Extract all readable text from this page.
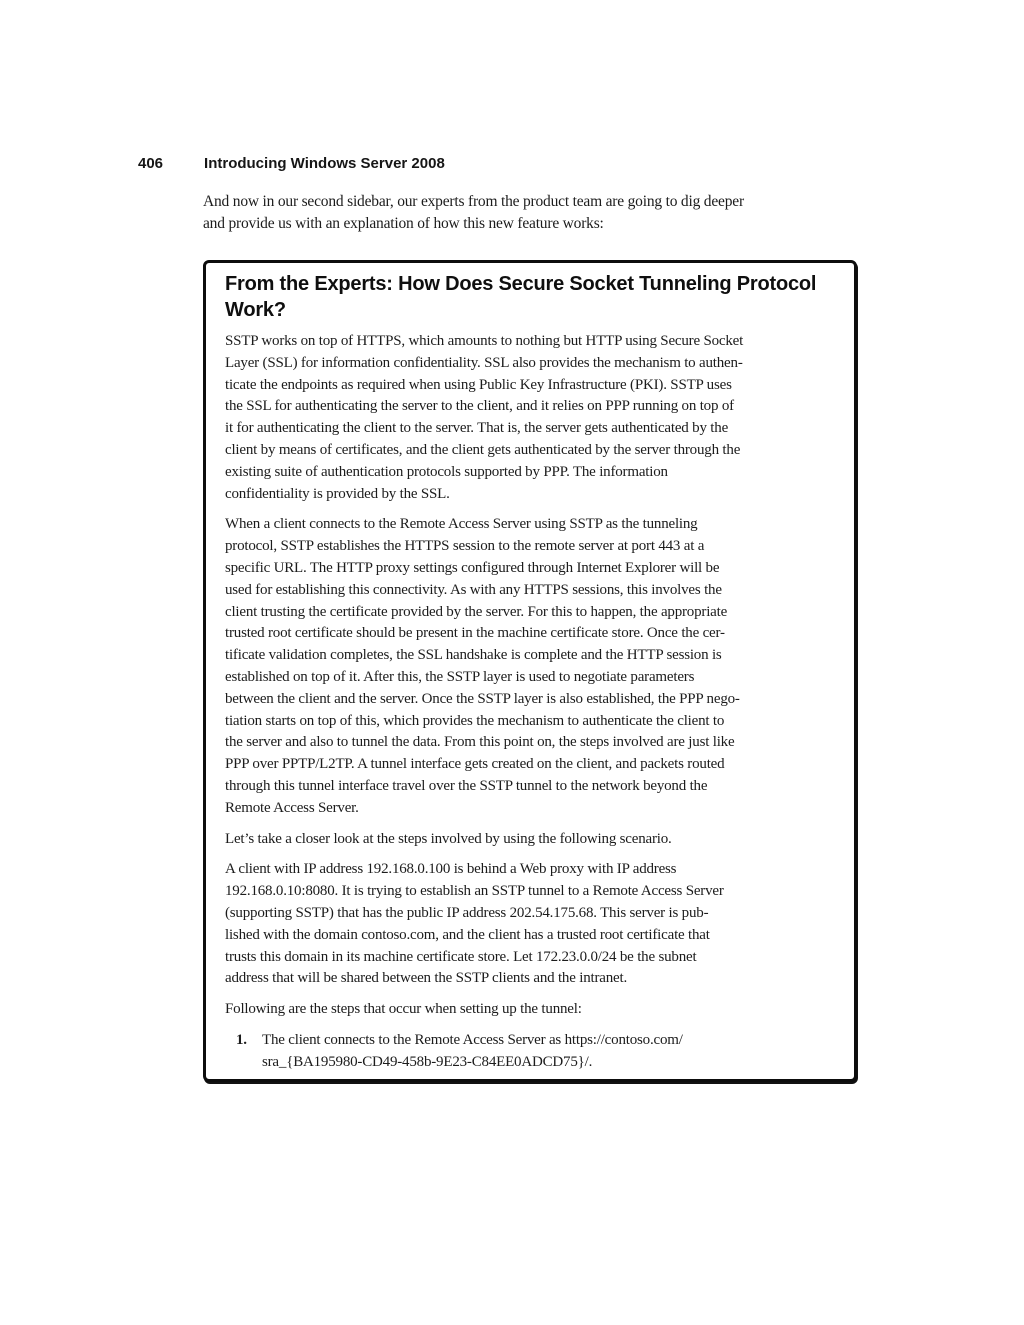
406	Introducing Windows Server 2008
And now in our second sidebar, our experts from the product team are going to dig deeper
and provide us with an explanation of how this new feature works:
From the Experts: How Does Secure Socket Tunneling Protocol
Work?
SSTP works on top of HTTPS, which amounts to nothing but HTTP using Secure Socket
Layer (SSL) for information confidentiality. SSL also provides the mechanism to authen-
ticate the endpoints as required when using Public Key Infrastructure (PKI). SSTP uses
the SSL for authenticating the server to the client, and it relies on PPP running on top of
it for authenticating the client to the server. That is, the server gets authenticated by the
client by means of certificates, and the client gets authenticated by the server through the
existing suite of authentication protocols supported by PPP. The information
confidentiality is provided by the SSL.
When a client connects to the Remote Access Server using SSTP as the tunneling
protocol, SSTP establishes the HTTPS session to the remote server at port 443 at a
specific URL. The HTTP proxy settings configured through Internet Explorer will be
used for establishing this connectivity. As with any HTTPS sessions, this involves the
client trusting the certificate provided by the server. For this to happen, the appropriate
trusted root certificate should be present in the machine certificate store. Once the cer-
tificate validation completes, the SSL handshake is complete and the HTTP session is
established on top of it. After this, the SSTP layer is used to negotiate parameters
between the client and the server. Once the SSTP layer is also established, the PPP nego-
tiation starts on top of this, which provides the mechanism to authenticate the client to
the server and also to tunnel the data. From this point on, the steps involved are just like
PPP over PPTP/L2TP. A tunnel interface gets created on the client, and packets routed
through this tunnel interface travel over the SSTP tunnel to the network beyond the
Remote Access Server.
Let’s take a closer look at the steps involved by using the following scenario.
A client with IP address 192.168.0.100 is behind a Web proxy with IP address
192.168.0.10:8080. It is trying to establish an SSTP tunnel to a Remote Access Server
(supporting SSTP) that has the public IP address 202.54.175.68. This server is pub-
lished with the domain contoso.com, and the client has a trusted root certificate that
trusts this domain in its machine certificate store. Let 172.23.0.0/24 be the subnet
address that will be shared between the SSTP clients and the intranet.
Following are the steps that occur when setting up the tunnel:
1.	The client connects to the Remote Access Server as https://contoso.com/
sra_{BA195980-CD49-458b-9E23-C84EE0ADCD75}/.
